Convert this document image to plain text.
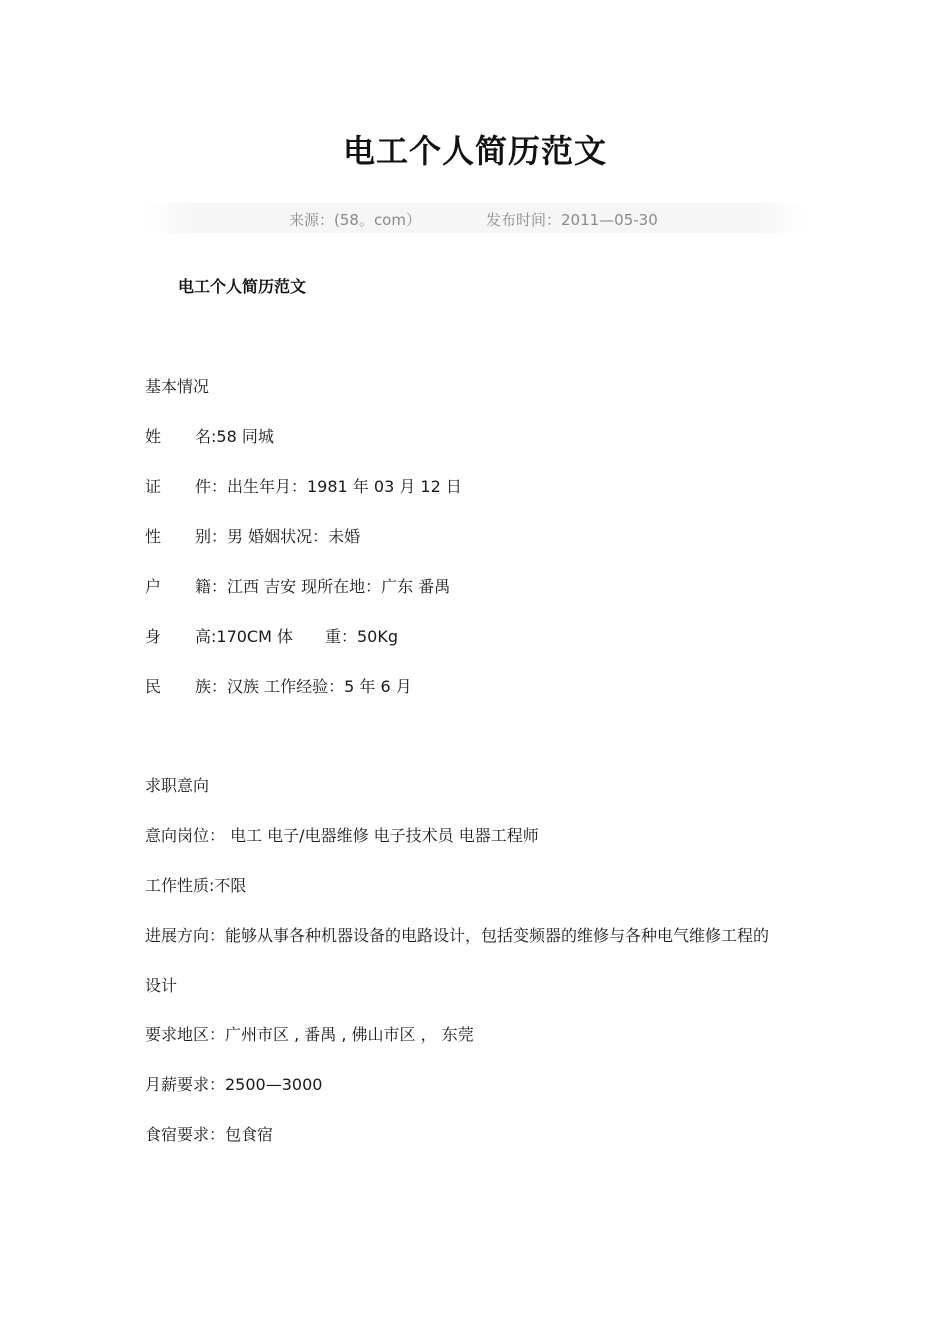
电工个人简历范文
来源：(58。com）	发布时间：2011—05-30
电工个人简历范文
基本情况
姓 名:58 同城
证 件：出生年月：1981 年 03 月 12 日
性 别：男 婚姻状况：未婚
户 籍：江西 吉安 现所在地：广东 番禺
身 高:170CM 体　　重：50Kg
民 族：汉族 工作经验：5 年 6 月
求职意向
意向岗位： 电工 电子/电器维修 电子技术员 电器工程师
工作性质:不限
进展方向：能够从事各种机器设备的电路设计，包括变频器的维修与各种电气维修工程的
设计
要求地区：广州市区 , 番禺 , 佛山市区 ， 东莞
月薪要求：2500—3000
食宿要求：包食宿
